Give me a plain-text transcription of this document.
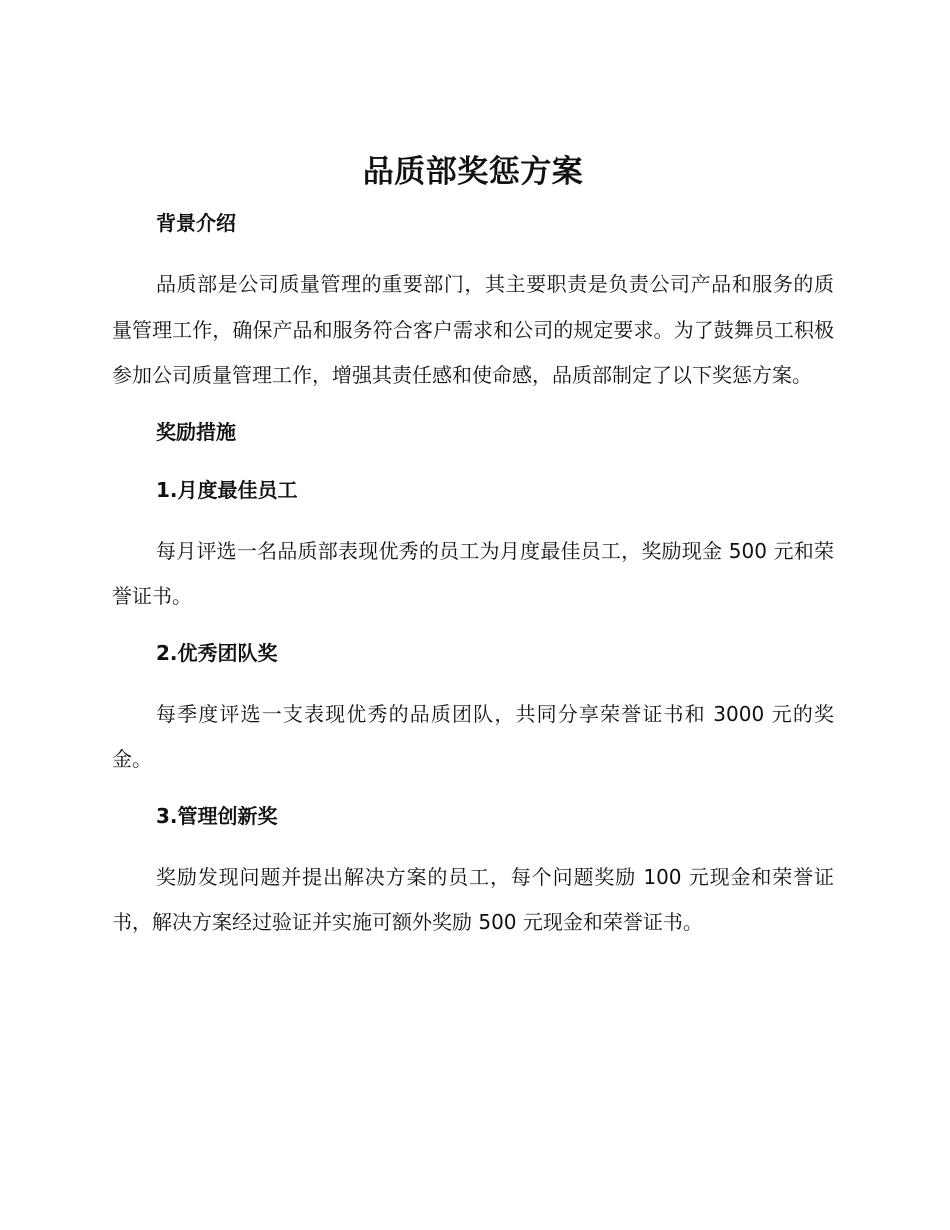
品质部奖惩方案
背景介绍

品质部是公司质量管理的重要部门，其主要职责是负责公司产品和服务的质量管理工作，确保产品和服务符合客户需求和公司的规定要求。为了鼓舞员工积极参加公司质量管理工作，增强其责任感和使命感，品质部制定了以下奖惩方案。

奖励措施
1.月度最佳员工

每月评选一名品质部表现优秀的员工为月度最佳员工，奖励现金 500 元和荣誉证书。

2.优秀团队奖

每季度评选一支表现优秀的品质团队，共同分享荣誉证书和 3000 元的奖金。

3.管理创新奖

奖励发现问题并提出解决方案的员工，每个问题奖励 100 元现金和荣誉证书，解决方案经过验证并实施可额外奖励 500 元现金和荣誉证书。
